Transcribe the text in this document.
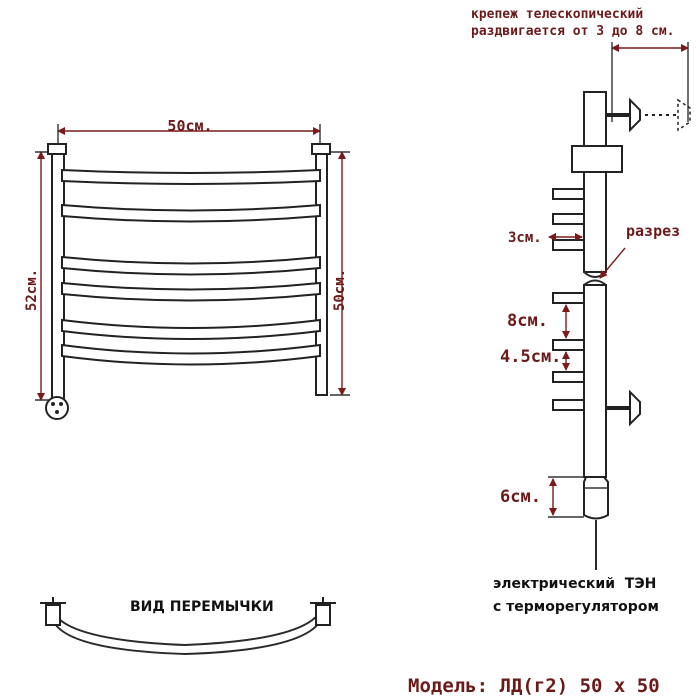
50см.
52см.	50см.
ВИД ПЕРЕМЫЧКИ
крепеж телескопический
раздвигается от 3 до 8 см.
разрез
3см.
8см.
4.5см.
6см.
электрический  ТЭН
с терморегулятором
Модель: ЛД(г2) 50 x 50
